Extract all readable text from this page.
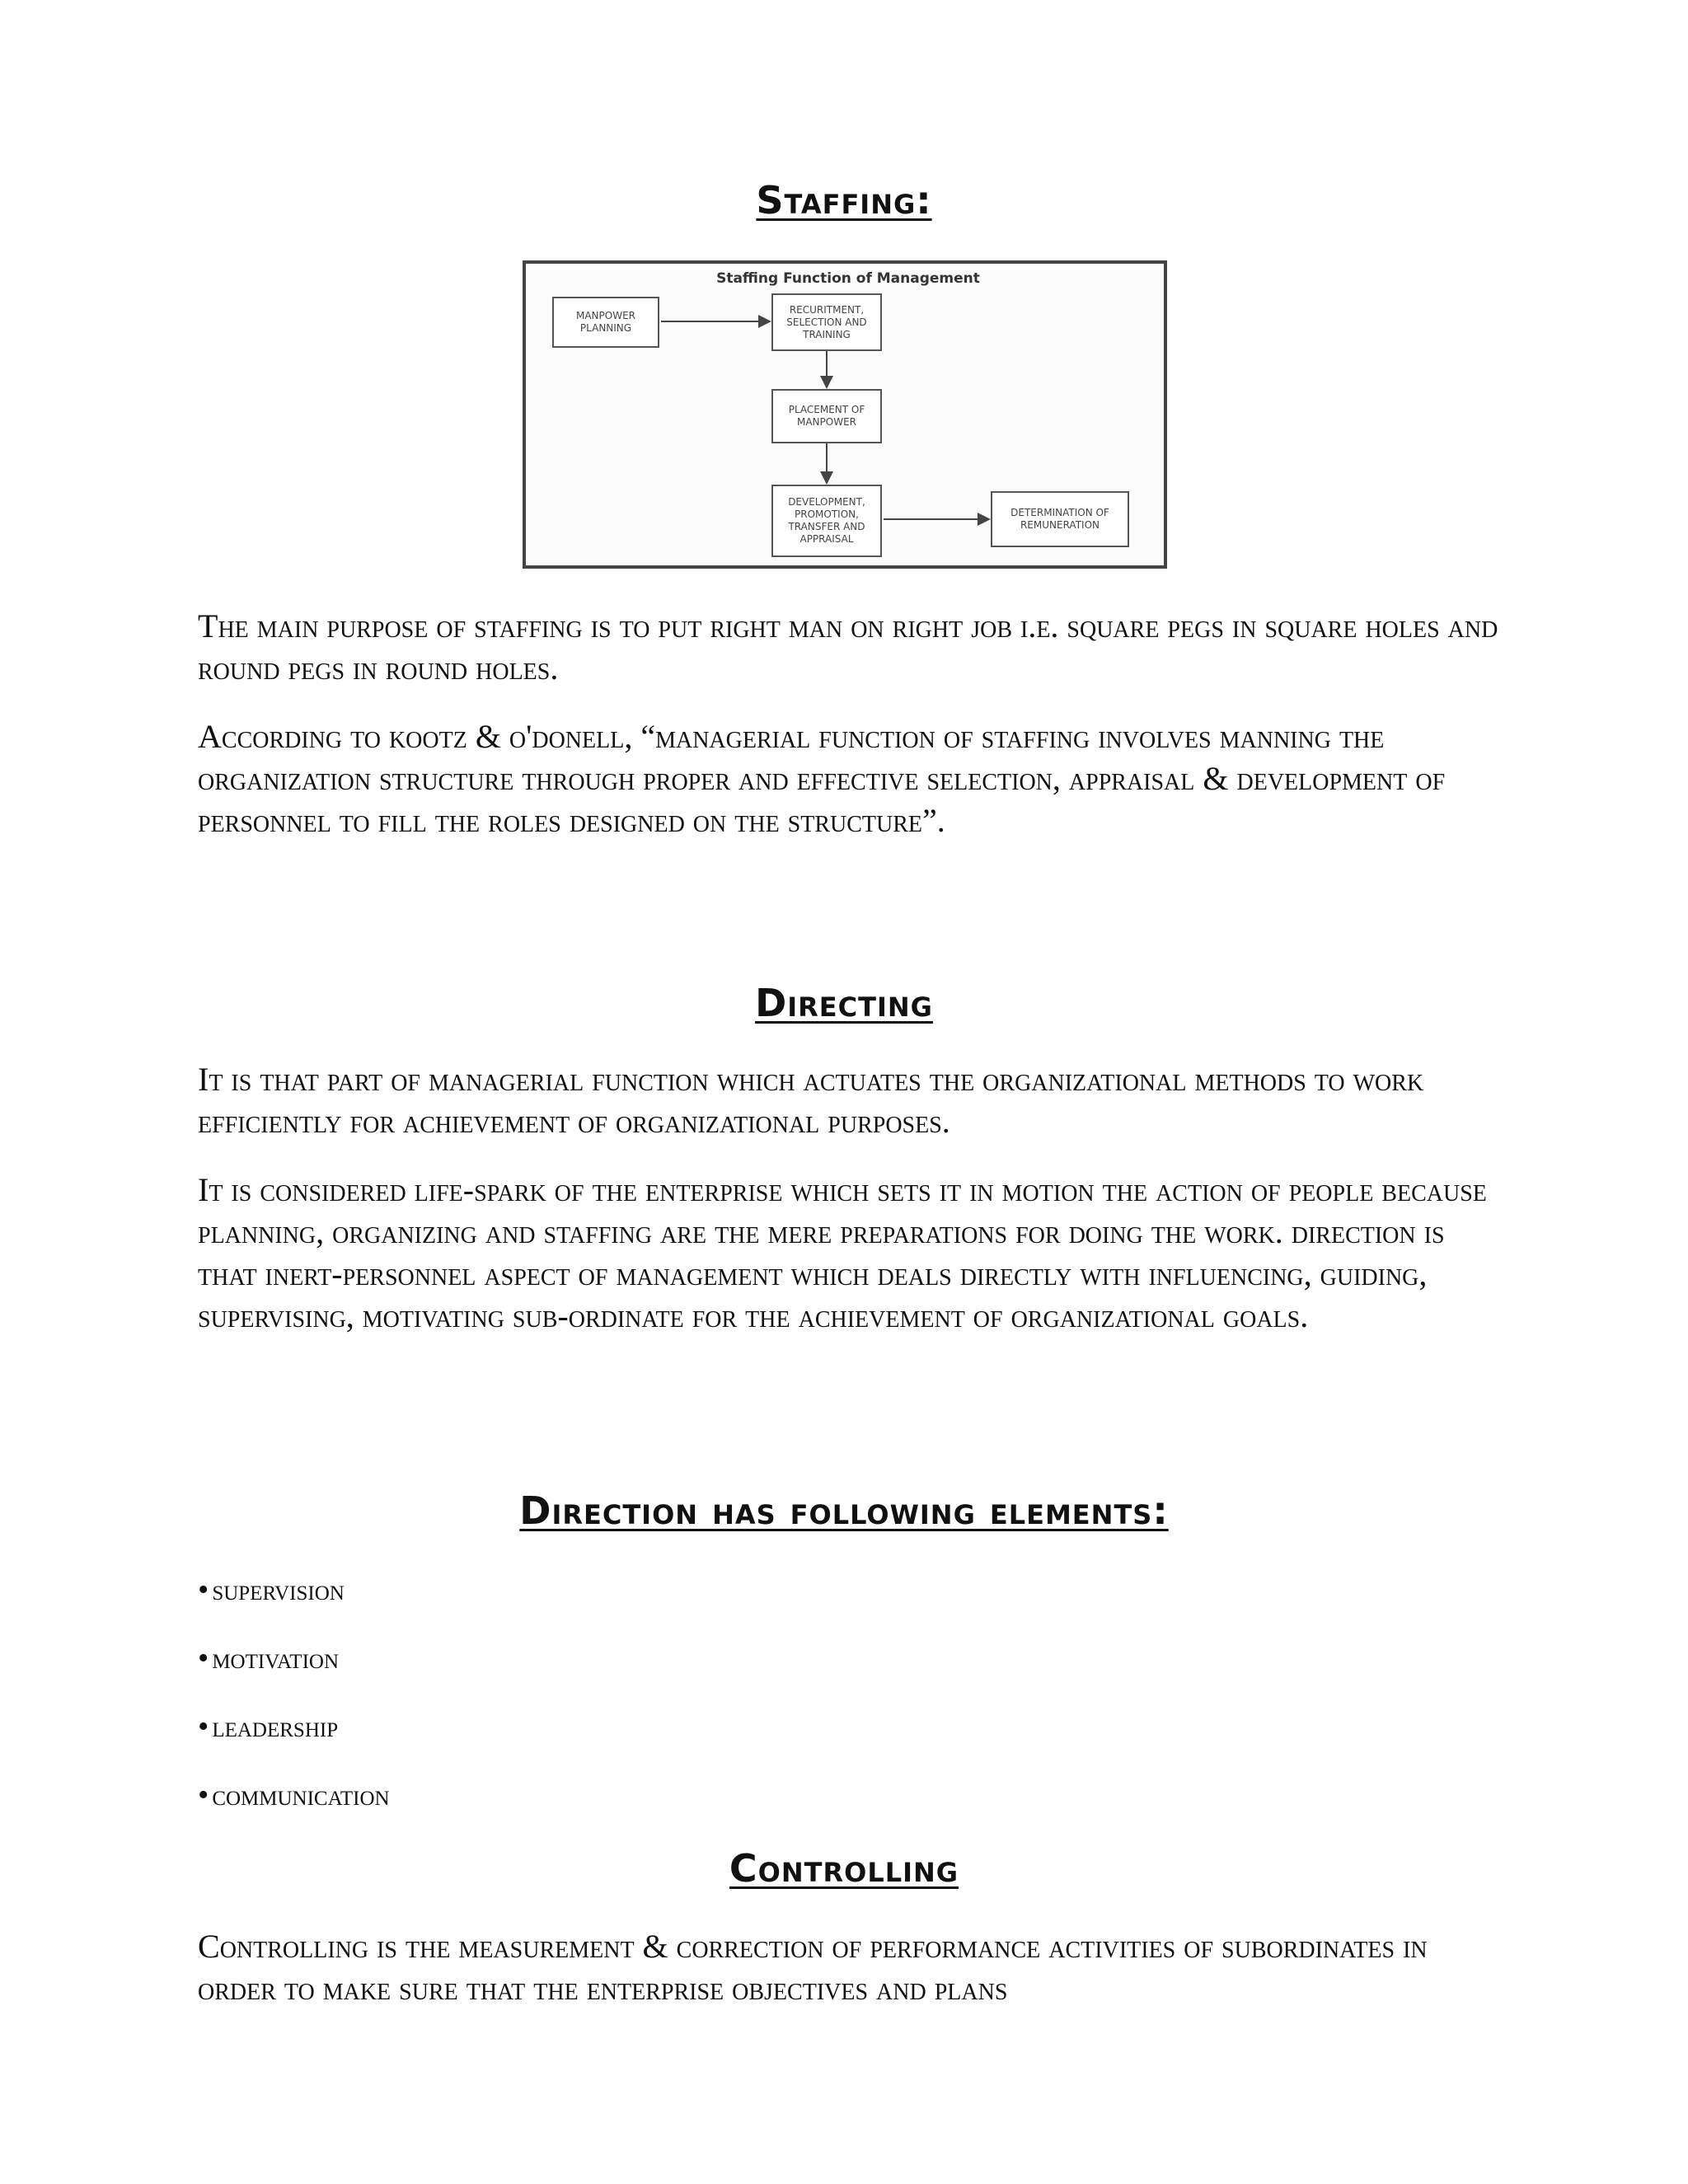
Staffing:
Staffing Function of Management
MANPOWER PLANNING
RECURITMENT, SELECTION AND TRAINING
PLACEMENT OF MANPOWER
DEVELOPMENT, PROMOTION, TRANSFER AND APPRAISAL
DETERMINATION OF REMUNERATION

The main purpose of staffing is to put right man on right job i.e. square pegs in square holes and round pegs in round holes.

According to kootz & o'donell, “managerial function of staffing involves manning the organization structure through proper and effective selection, appraisal & development of personnel to fill the roles designed on the structure”.

Directing

It is that part of managerial function which actuates the organizational methods to work efficiently for achievement of organizational purposes.

It is considered life-spark of the enterprise which sets it in motion the action of people because planning, organizing and staffing are the mere preparations for doing the work. direction is that inert-personnel aspect of management which deals directly with influencing, guiding, supervising, motivating sub-ordinate for the achievement of organizational goals.

Direction has following elements:
• supervision
• motivation
• leadership
• communication
Controlling

Controlling is the measurement & correction of performance activities of subordinates in order to make sure that the enterprise objectives and plans
